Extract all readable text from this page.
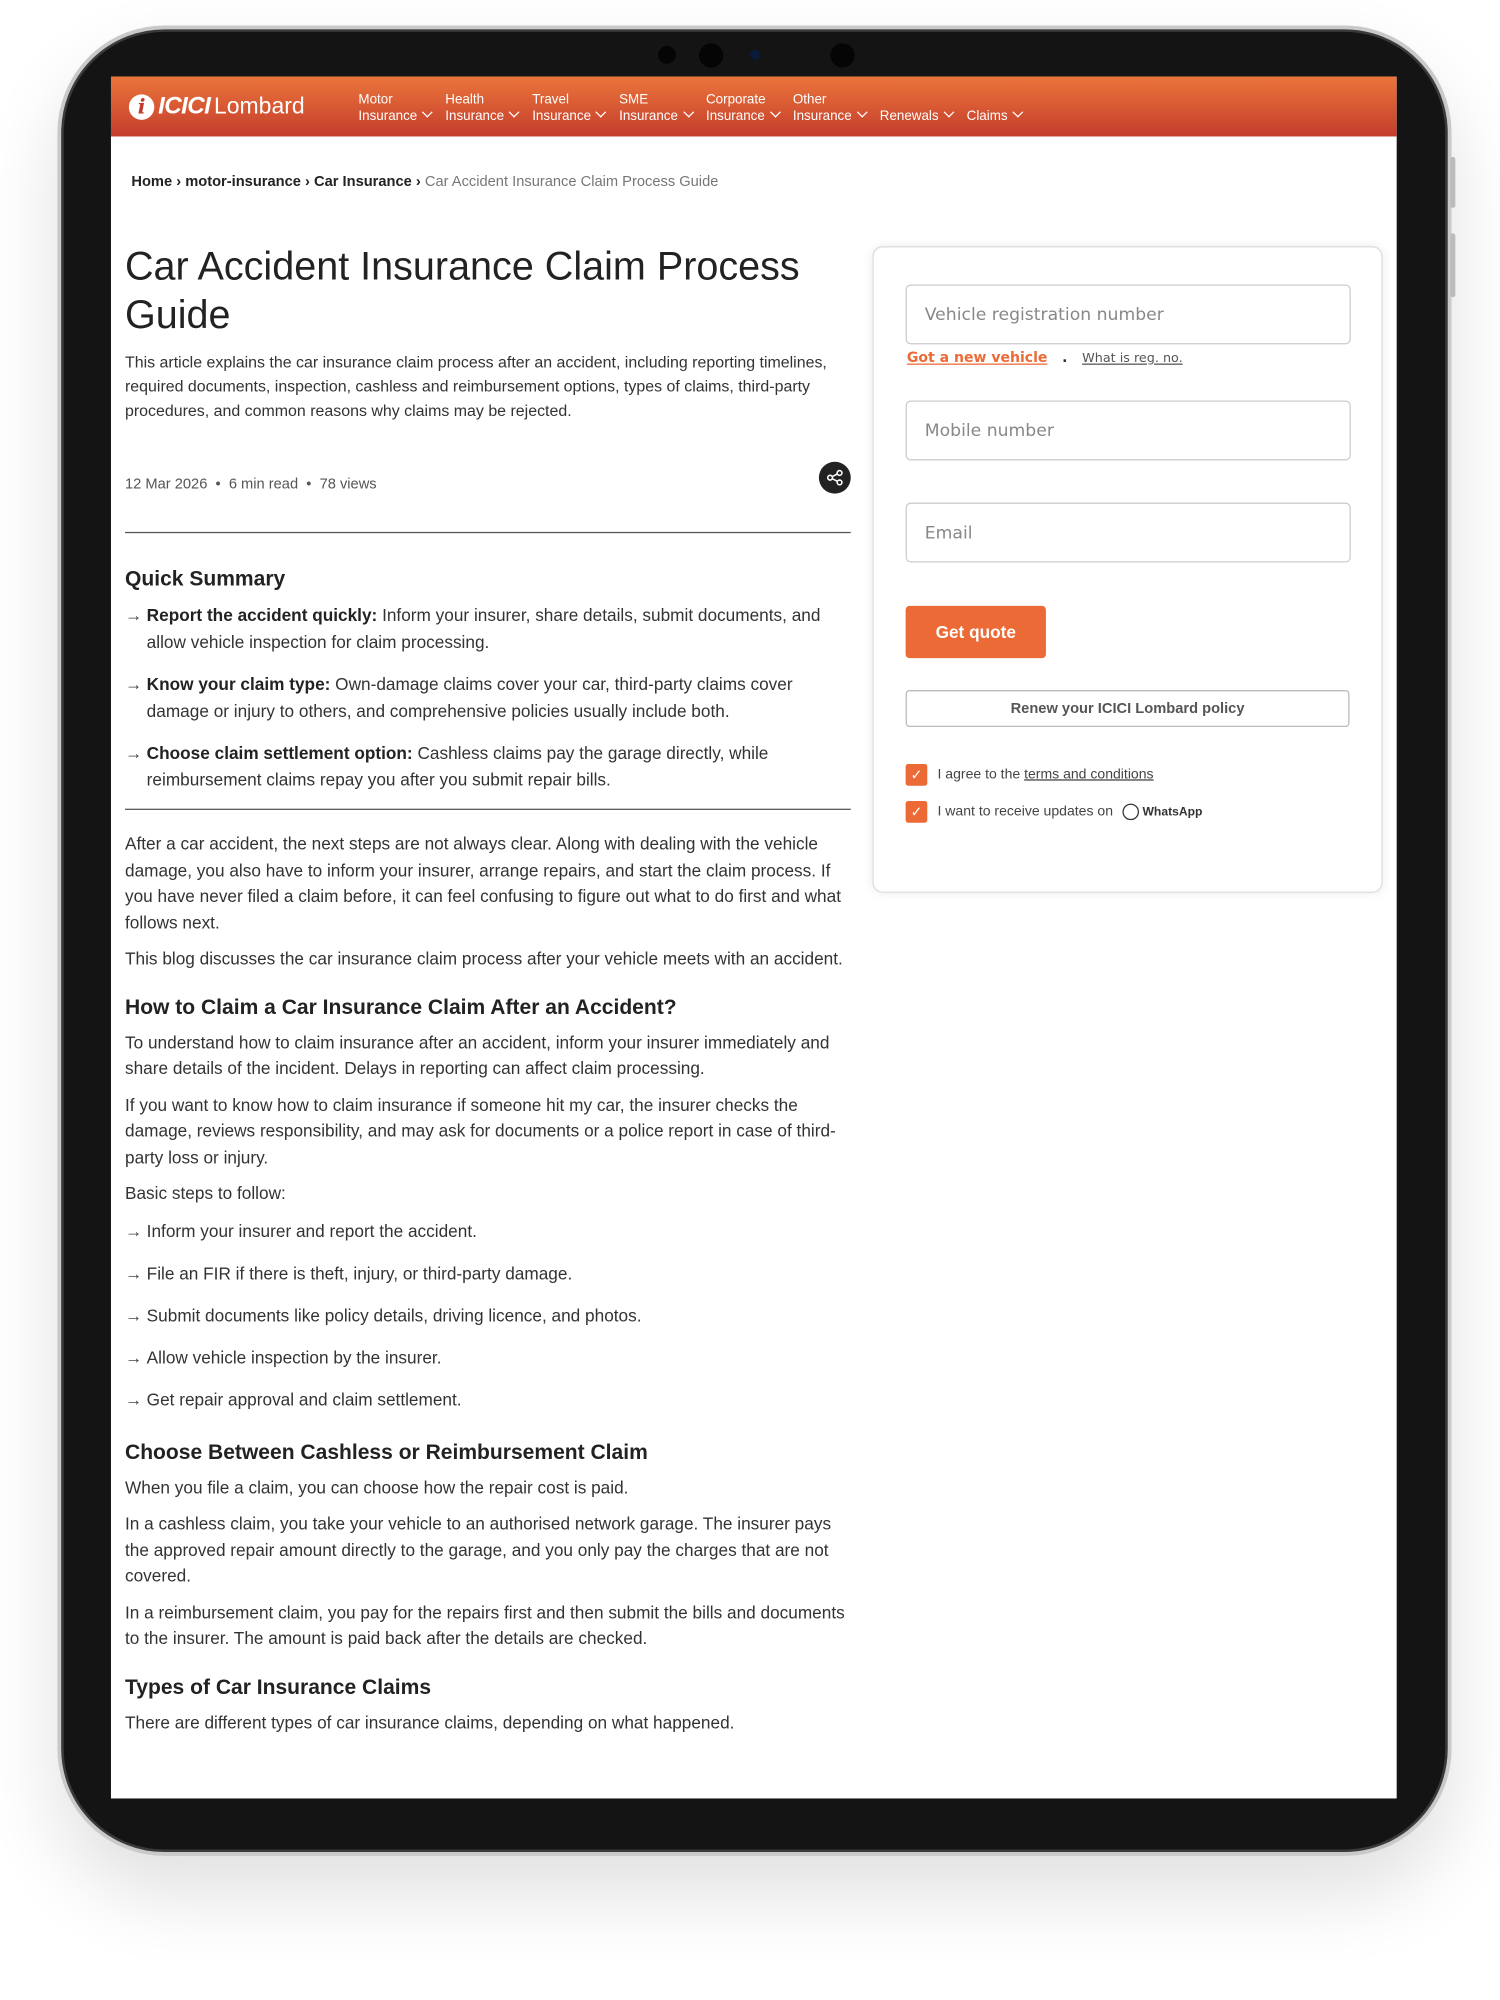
i ICICI Lombard	Motor
Insurance
Health
Insurance
Travel
Insurance
SME
Insurance
Corporate
Insurance
Other
Insurance	Renewals	Claims
Home › motor-insurance › Car Insurance › Car Accident Insurance Claim Process Guide
Car Accident Insurance Claim Process Guide
This article explains the car insurance claim process after an accident, including reporting timelines, required documents, inspection, cashless and reimbursement options, types of claims, third-party procedures, and common reasons why claims may be rejected.
12 Mar 2026  •  6 min read  •  78 views
Quick Summary
→ Report the accident quickly: Inform your insurer, share details, submit documents, and allow vehicle inspection for claim processing.
→ Know your claim type: Own-damage claims cover your car, third-party claims cover damage or injury to others, and comprehensive policies usually include both.
→ Choose claim settlement option: Cashless claims pay the garage directly, while reimbursement claims repay you after you submit repair bills.

After a car accident, the next steps are not always clear. Along with dealing with the vehicle damage, you also have to inform your insurer, arrange repairs, and start the claim process. If you have never filed a claim before, it can feel confusing to figure out what to do first and what follows next.

This blog discusses the car insurance claim process after your vehicle meets with an accident.

How to Claim a Car Insurance Claim After an Accident?

To understand how to claim insurance after an accident, inform your insurer immediately and share details of the incident. Delays in reporting can affect claim processing.

If you want to know how to claim insurance if someone hit my car, the insurer checks the damage, reviews responsibility, and may ask for documents or a police report in case of third-party loss or injury.

Basic steps to follow:

→ Inform your insurer and report the accident.
→ File an FIR if there is theft, injury, or third-party damage.
→ Submit documents like policy details, driving licence, and photos.
→ Allow vehicle inspection by the insurer.
→ Get repair approval and claim settlement.
Choose Between Cashless or Reimbursement Claim

When you file a claim, you can choose how the repair cost is paid.

In a cashless claim, you take your vehicle to an authorised network garage. The insurer pays the approved repair amount directly to the garage, and you only pay the charges that are not covered.

In a reimbursement claim, you pay for the repairs first and then submit the bills and documents to the insurer. The amount is paid back after the details are checked.

Types of Car Insurance Claims

There are different types of car insurance claims, depending on what happened.

Vehicle registration number
Got a new vehicle . What is reg. no.
Mobile number
Email
Get quote
Renew your ICICI Lombard policy
✓ I agree to the terms and conditions
✓ I want to receive updates on	WhatsApp
